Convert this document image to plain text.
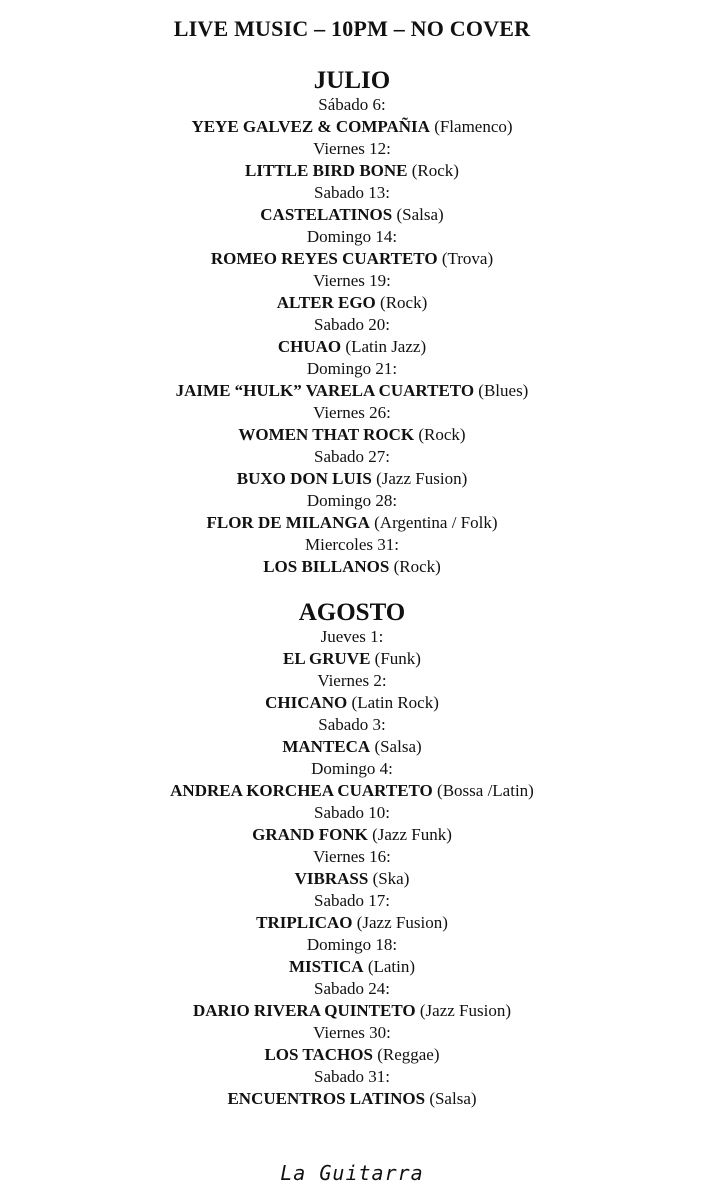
LIVE MUSIC – 10PM – NO COVER
JULIO
Sábado 6:
YEYE GALVEZ & COMPAÑIA (Flamenco)
Viernes 12:
LITTLE BIRD BONE (Rock)
Sabado 13:
CASTELATINOS (Salsa)
Domingo 14:
ROMEO REYES CUARTETO (Trova)
Viernes 19:
ALTER EGO (Rock)
Sabado 20:
CHUAO (Latin Jazz)
Domingo 21:
JAIME “HULK” VARELA CUARTETO (Blues)
Viernes 26:
WOMEN THAT ROCK (Rock)
Sabado 27:
BUXO DON LUIS (Jazz Fusion)
Domingo 28:
FLOR DE MILANGA (Argentina / Folk)
Miercoles 31:
LOS BILLANOS (Rock)
AGOSTO
Jueves 1:
EL GRUVE (Funk)
Viernes 2:
CHICANO (Latin Rock)
Sabado 3:
MANTECA (Salsa)
Domingo 4:
ANDREA KORCHEA CUARTETO (Bossa /Latin)
Sabado 10:
GRAND FONK (Jazz Funk)
Viernes 16:
VIBRASS (Ska)
Sabado 17:
TRIPLICAO (Jazz Fusion)
Domingo 18:
MISTICA (Latin)
Sabado 24:
DARIO RIVERA QUINTETO (Jazz Fusion)
Viernes 30:
LOS TACHOS (Reggae)
Sabado 31:
ENCUENTROS LATINOS (Salsa)
La Guitarra
